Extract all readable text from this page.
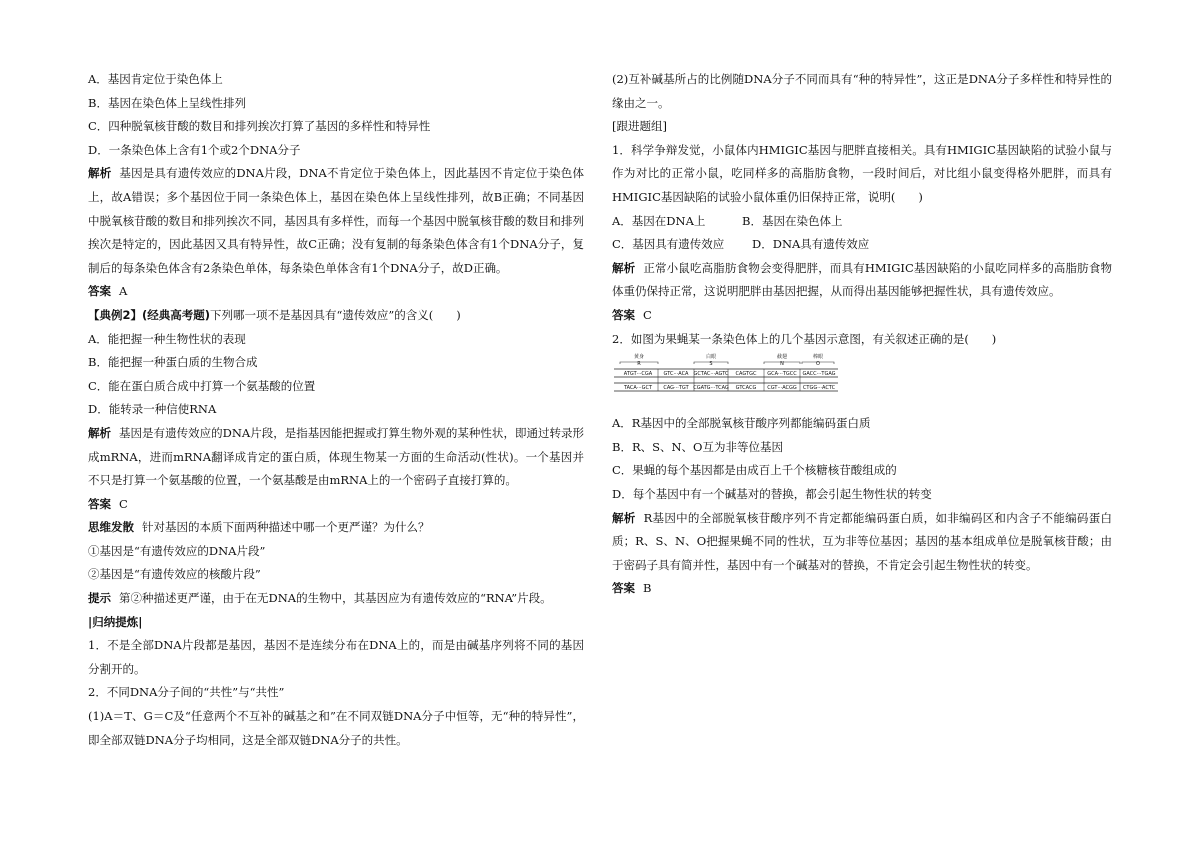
A．基因肯定位于染色体上

B．基因在染色体上呈线性排列

C．四种脱氧核苷酸的数目和排列挨次打算了基因的多样性和特异性

D．一条染色体上含有1个或2个DNA分子

解析 基因是具有遗传效应的DNA片段，DNA不肯定位于染色体上，因此基因不肯定位于染色体上，故A错误；多个基因位于同一条染色体上，基因在染色体上呈线性排列，故B正确；不同基因中脱氧核苷酸的数目和排列挨次不同，基因具有多样性，而每一个基因中脱氧核苷酸的数目和排列挨次是特定的，因此基因又具有特异性，故C正确；没有复制的每条染色体含有1个DNA分子，复制后的每条染色体含有2条染色单体，每条染色单体含有1个DNA分子，故D正确。

答案 A

【典例2】(经典高考题)下列哪一项不是基因具有“遗传效应”的含义(　　)

A．能把握一种生物性状的表现

B．能把握一种蛋白质的生物合成

C．能在蛋白质合成中打算一个氨基酸的位置

D．能转录一种信使RNA

解析 基因是有遗传效应的DNA片段，是指基因能把握或打算生物外观的某种性状，即通过转录形成mRNA，进而mRNA翻译成肯定的蛋白质，体现生物某一方面的生命活动(性状)。一个基因并不只是打算一个氨基酸的位置，一个氨基酸是由mRNA上的一个密码子直接打算的。

答案 C

思维发散 针对基因的本质下面两种描述中哪一个更严谨？为什么？

①基因是“有遗传效应的DNA片段”

②基因是“有遗传效应的核酸片段”

提示 第②种描述更严谨，由于在无DNA的生物中，其基因应为有遗传效应的“RNA”片段。

|归纳提炼|

1．不是全部DNA片段都是基因，基因不是连续分布在DNA上的，而是由碱基序列将不同的基因分割开的。

2．不同DNA分子间的“共性”与“共性”

(1)A＝T、G＝C及“任意两个不互补的碱基之和”在不同双链DNA分子中恒等，无“种的特异性”，即全部双链DNA分子均相同，这是全部双链DNA分子的共性。

(2)互补碱基所占的比例随DNA分子不同而具有“种的特异性”，这正是DNA分子多样性和特异性的缘由之一。

[跟进题组]

1．科学争辩发觉，小鼠体内HMIGIC基因与肥胖直接相关。具有HMIGIC基因缺陷的试验小鼠与作为对比的正常小鼠，吃同样多的高脂肪食物，一段时间后，对比组小鼠变得格外肥胖，而具有HMIGIC基因缺陷的试验小鼠体重仍旧保持正常，说明(　　)

A．基因在DNA上	B．基因在染色体上

C．基因具有遗传效应 D．DNA具有遗传效应

解析 正常小鼠吃高脂肪食物会变得肥胖，而具有HMIGIC基因缺陷的小鼠吃同样多的高脂肪食物体重仍保持正常，这说明肥胖由基因把握，从而得出基因能够把握性状，具有遗传效应。

答案 C

2．如图为果蝇某一条染色体上的几个基因示意图，有关叙述正确的是(　　)

黄身	白眼	截翅	棒眼
R	S	N	O
ATGT···CGA GTC···ACA GCTAC···AGTC CAGTGC GCA···TGCC GACC···TGAG
TACA···GCT CAG···TGT CGATG···TCAG GTCACG CGT···ACGG CTGG···ACTC

A．R基因中的全部脱氧核苷酸序列都能编码蛋白质

B．R、S、N、O互为非等位基因

C．果蝇的每个基因都是由成百上千个核糖核苷酸组成的

D．每个基因中有一个碱基对的替换，都会引起生物性状的转变

解析 R基因中的全部脱氧核苷酸序列不肯定都能编码蛋白质，如非编码区和内含子不能编码蛋白质；R、S、N、O把握果蝇不同的性状，互为非等位基因；基因的基本组成单位是脱氧核苷酸；由于密码子具有简并性，基因中有一个碱基对的替换，不肯定会引起生物性状的转变。

答案 B
